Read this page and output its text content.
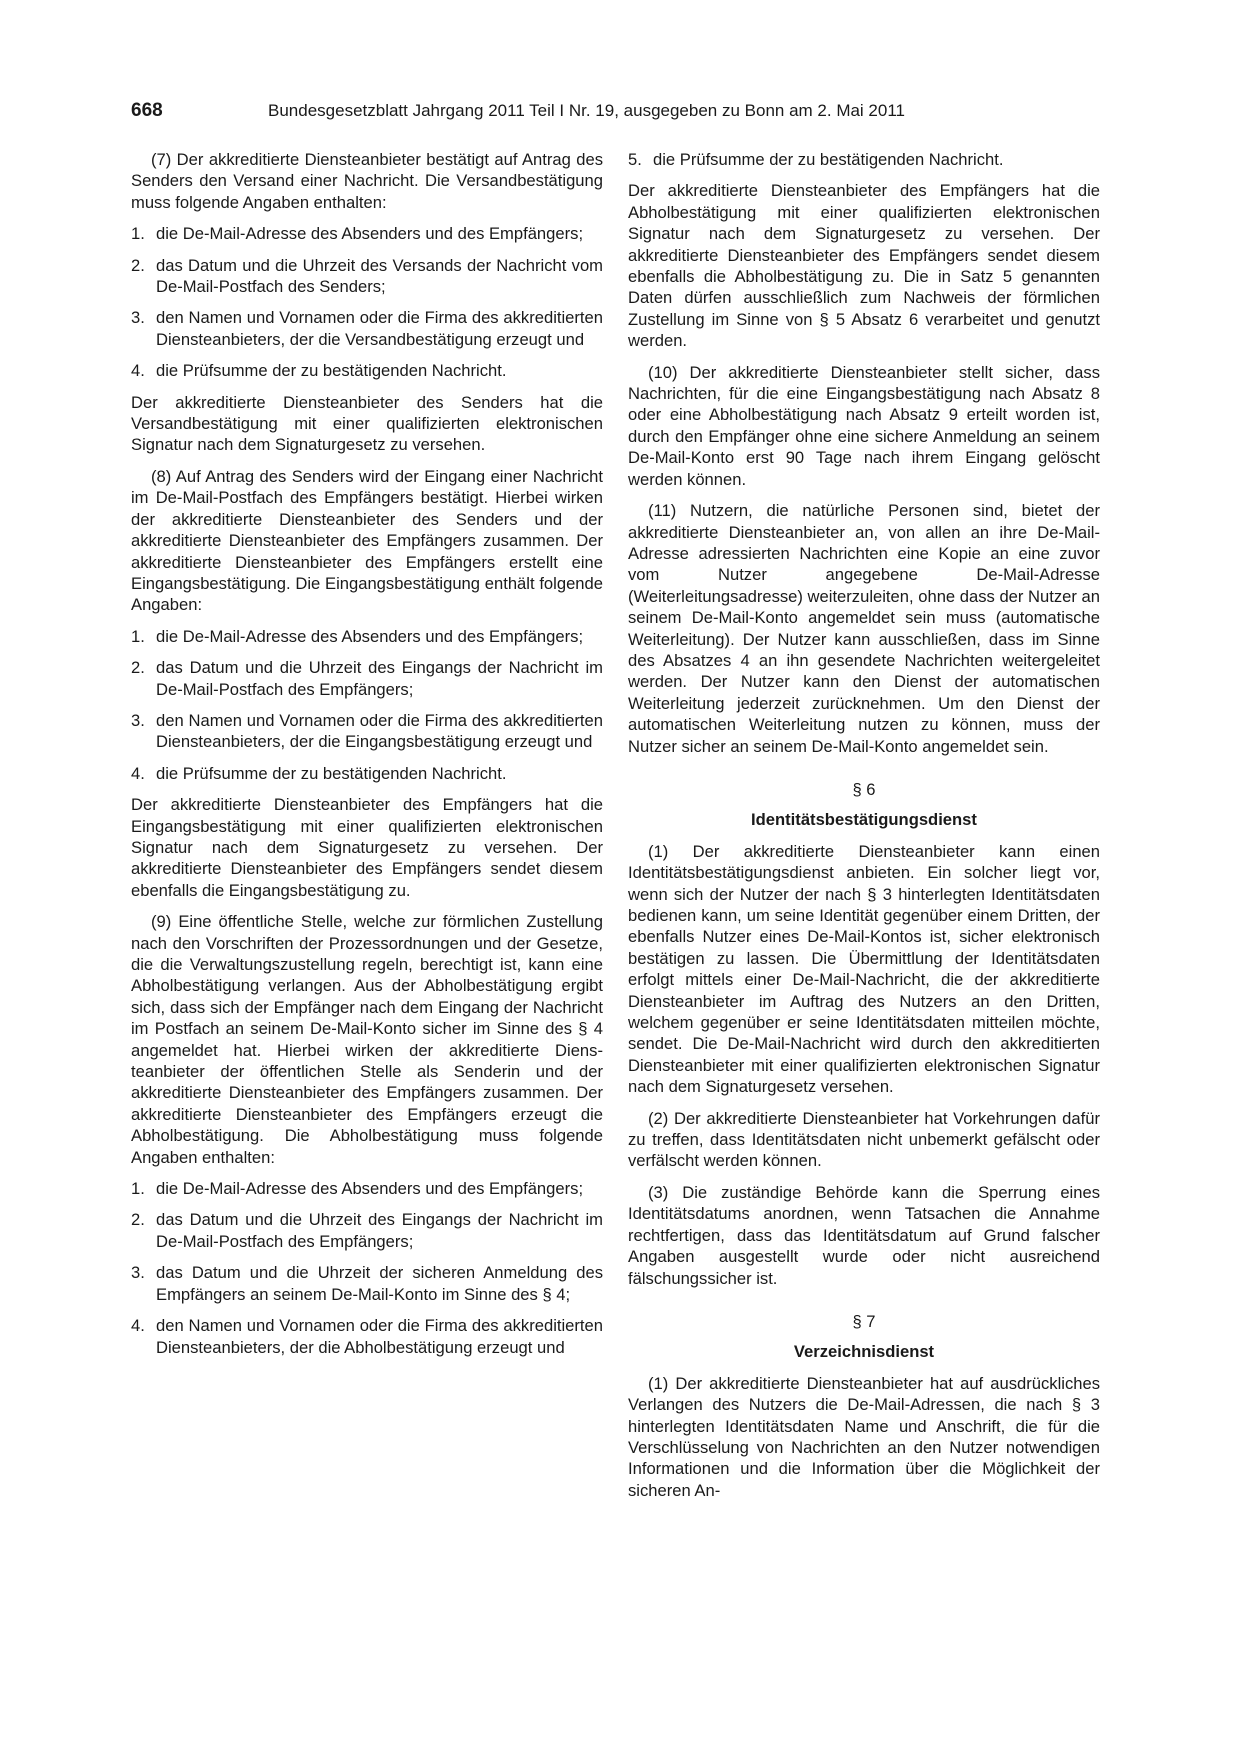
668	Bundesgesetzblatt Jahrgang 2011 Teil I Nr. 19, ausgegeben zu Bonn am 2. Mai 2011

(7) Der akkreditierte Diensteanbieter bestätigt auf Antrag des Senders den Versand einer Nachricht. Die Versandbestätigung muss folgende Angaben enthalten:

1. die De-Mail-Adresse des Absenders und des Empfängers;
2. das Datum und die Uhrzeit des Versands der Nachricht vom De-Mail-Postfach des Senders;
3. den Namen und Vornamen oder die Firma des akkreditierten Diensteanbieters, der die Versandbestätigung erzeugt und
4. die Prüfsumme der zu bestätigenden Nachricht.

Der akkreditierte Diensteanbieter des Senders hat die Versandbestätigung mit einer qualifizierten elektronischen Signatur nach dem Signaturgesetz zu versehen.

(8) Auf Antrag des Senders wird der Eingang einer Nachricht im De-Mail-Postfach des Empfängers bestätigt. Hierbei wirken der akkreditierte Diensteanbieter des Senders und der akkreditierte Diensteanbieter des Empfängers zusammen. Der akkreditierte Diensteanbieter des Empfängers erstellt eine Eingangsbestätigung. Die Eingangsbestätigung enthält folgende Angaben:

1. die De-Mail-Adresse des Absenders und des Empfängers;
2. das Datum und die Uhrzeit des Eingangs der Nachricht im De-Mail-Postfach des Empfängers;
3. den Namen und Vornamen oder die Firma des akkreditierten Diensteanbieters, der die Eingangsbestätigung erzeugt und
4. die Prüfsumme der zu bestätigenden Nachricht.

Der akkreditierte Diensteanbieter des Empfängers hat die Eingangsbestätigung mit einer qualifizierten elektronischen Signatur nach dem Signaturgesetz zu versehen. Der akkreditierte Diensteanbieter des Empfängers sendet diesem ebenfalls die Eingangsbestätigung zu.

(9) Eine öffentliche Stelle, welche zur förmlichen Zustellung nach den Vorschriften der Prozessordnungen und der Gesetze, die die Verwaltungszustellung regeln, berechtigt ist, kann eine Abholbestätigung verlangen. Aus der Abholbestätigung ergibt sich, dass sich der Empfänger nach dem Eingang der Nachricht im Postfach an seinem De-Mail-Konto sicher im Sinne des § 4 angemeldet hat. Hierbei wirken der akkreditierte Diensteanbieter der öffentlichen Stelle als Senderin und der akkreditierte Diensteanbieter des Empfängers zusammen. Der akkreditierte Diensteanbieter des Empfängers erzeugt die Abholbestätigung. Die Abholbestätigung muss folgende Angaben enthalten:

1. die De-Mail-Adresse des Absenders und des Empfängers;
2. das Datum und die Uhrzeit des Eingangs der Nachricht im De-Mail-Postfach des Empfängers;
3. das Datum und die Uhrzeit der sicheren Anmeldung des Empfängers an seinem De-Mail-Konto im Sinne des § 4;
4. den Namen und Vornamen oder die Firma des akkreditierten Diensteanbieters, der die Abholbestätigung erzeugt und
5. die Prüfsumme der zu bestätigenden Nachricht.

Der akkreditierte Diensteanbieter des Empfängers hat die Abholbestätigung mit einer qualifizierten elektronischen Signatur nach dem Signaturgesetz zu versehen. Der akkreditierte Diensteanbieter des Empfängers sendet diesem ebenfalls die Abholbestätigung zu. Die in Satz 5 genannten Daten dürfen ausschließlich zum Nachweis der förmlichen Zustellung im Sinne von § 5 Absatz 6 verarbeitet und genutzt werden.

(10) Der akkreditierte Diensteanbieter stellt sicher, dass Nachrichten, für die eine Eingangsbestätigung nach Absatz 8 oder eine Abholbestätigung nach Absatz 9 erteilt worden ist, durch den Empfänger ohne eine sichere Anmeldung an seinem De-Mail-Konto erst 90 Tage nach ihrem Eingang gelöscht werden können.

(11) Nutzern, die natürliche Personen sind, bietet der akkreditierte Diensteanbieter an, von allen an ihre De-Mail-Adresse adressierten Nachrichten eine Kopie an eine zuvor vom Nutzer angegebene De-Mail-Adresse (Weiterleitungsadresse) weiterzuleiten, ohne dass der Nutzer an seinem De-Mail-Konto angemeldet sein muss (automatische Weiterleitung). Der Nutzer kann ausschließen, dass im Sinne des Absatzes 4 an ihn gesendete Nachrichten weitergeleitet werden. Der Nutzer kann den Dienst der automatischen Weiterleitung jederzeit zurücknehmen. Um den Dienst der automatischen Weiterleitung nutzen zu können, muss der Nutzer sicher an seinem De-Mail-Konto angemeldet sein.

§ 6
Identitätsbestätigungsdienst

(1) Der akkreditierte Diensteanbieter kann einen Identitätsbestätigungsdienst anbieten. Ein solcher liegt vor, wenn sich der Nutzer der nach § 3 hinterlegten Identitätsdaten bedienen kann, um seine Identität gegenüber einem Dritten, der ebenfalls Nutzer eines De-Mail-Kontos ist, sicher elektronisch bestätigen zu lassen. Die Übermittlung der Identitätsdaten erfolgt mittels einer De-Mail-Nachricht, die der akkreditierte Diensteanbieter im Auftrag des Nutzers an den Dritten, welchem gegenüber er seine Identitätsdaten mitteilen möchte, sendet. Die De-Mail-Nachricht wird durch den akkreditierten Diensteanbieter mit einer qualifizierten elektronischen Signatur nach dem Signaturgesetz versehen.

(2) Der akkreditierte Diensteanbieter hat Vorkehrungen dafür zu treffen, dass Identitätsdaten nicht unbemerkt gefälscht oder verfälscht werden können.

(3) Die zuständige Behörde kann die Sperrung eines Identitätsdatums anordnen, wenn Tatsachen die Annahme rechtfertigen, dass das Identitätsdatum auf Grund falscher Angaben ausgestellt wurde oder nicht ausreichend fälschungssicher ist.

§ 7
Verzeichnisdienst

(1) Der akkreditierte Diensteanbieter hat auf ausdrückliches Verlangen des Nutzers die De-Mail-Adressen, die nach § 3 hinterlegten Identitätsdaten Name und Anschrift, die für die Verschlüsselung von Nachrichten an den Nutzer notwendigen Informationen und die Information über die Möglichkeit der sicheren An-
